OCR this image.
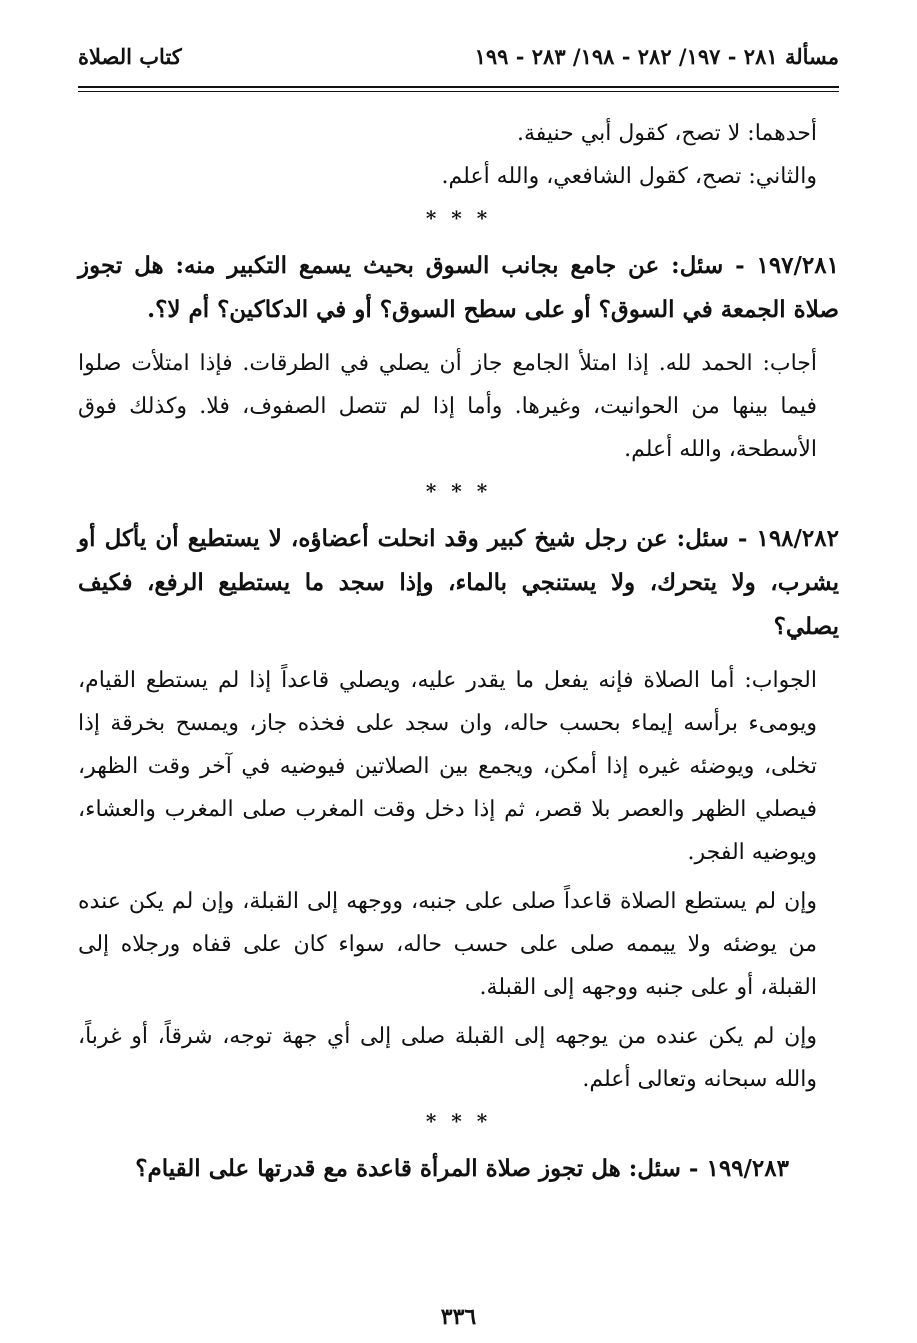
مسألة ٢٨١ - ١٩٧/ ٢٨٢ - ١٩٨/ ٢٨٣ - ١٩٩
كتاب الصلاة

أحدهما: لا تصح، كقول أبي حنيفة.

والثاني: تصح، كقول الشافعي، والله أعلم.

* * *

١٩٧/٢٨١ - سئل: عن جامع بجانب السوق بحيث يسمع التكبير منه: هل تجوز صلاة الجمعة في السوق؟ أو على سطح السوق؟ أو في الدكاكين؟ أم لا؟.

أجاب: الحمد لله. إذا امتلأ الجامع جاز أن يصلي في الطرقات. فإذا امتلأت صلوا فيما بينها من الحوانيت، وغيرها. وأما إذا لم تتصل الصفوف، فلا. وكذلك فوق الأسطحة، والله أعلم.

* * *

١٩٨/٢٨٢ - سئل: عن رجل شيخ كبير وقد انحلت أعضاؤه، لا يستطيع أن يأكل أو يشرب، ولا يتحرك، ولا يستنجي بالماء، وإذا سجد ما يستطيع الرفع، فكيف يصلي؟

الجواب: أما الصلاة فإنه يفعل ما يقدر عليه، ويصلي قاعداً إذا لم يستطع القيام، ويومىء برأسه إيماء بحسب حاله، وان سجد على فخذه جاز، ويمسح بخرقة إذا تخلى، ويوضئه غيره إذا أمكن، ويجمع بين الصلاتين فيوضيه في آخر وقت الظهر، فيصلي الظهر والعصر بلا قصر، ثم إذا دخل وقت المغرب صلى المغرب والعشاء، ويوضيه الفجر.

وإن لم يستطع الصلاة قاعداً صلى على جنبه، ووجهه إلى القبلة، وإن لم يكن عنده من يوضئه ولا ييممه صلى على حسب حاله، سواء كان على قفاه ورجلاه إلى القبلة، أو على جنبه ووجهه إلى القبلة.

وإن لم يكن عنده من يوجهه إلى القبلة صلى إلى أي جهة توجه، شرقاً، أو غرباً، والله سبحانه وتعالى أعلم.

* * *

١٩٩/٢٨٣ - سئل: هل تجوز صلاة المرأة قاعدة مع قدرتها على القيام؟

٣٣٦
